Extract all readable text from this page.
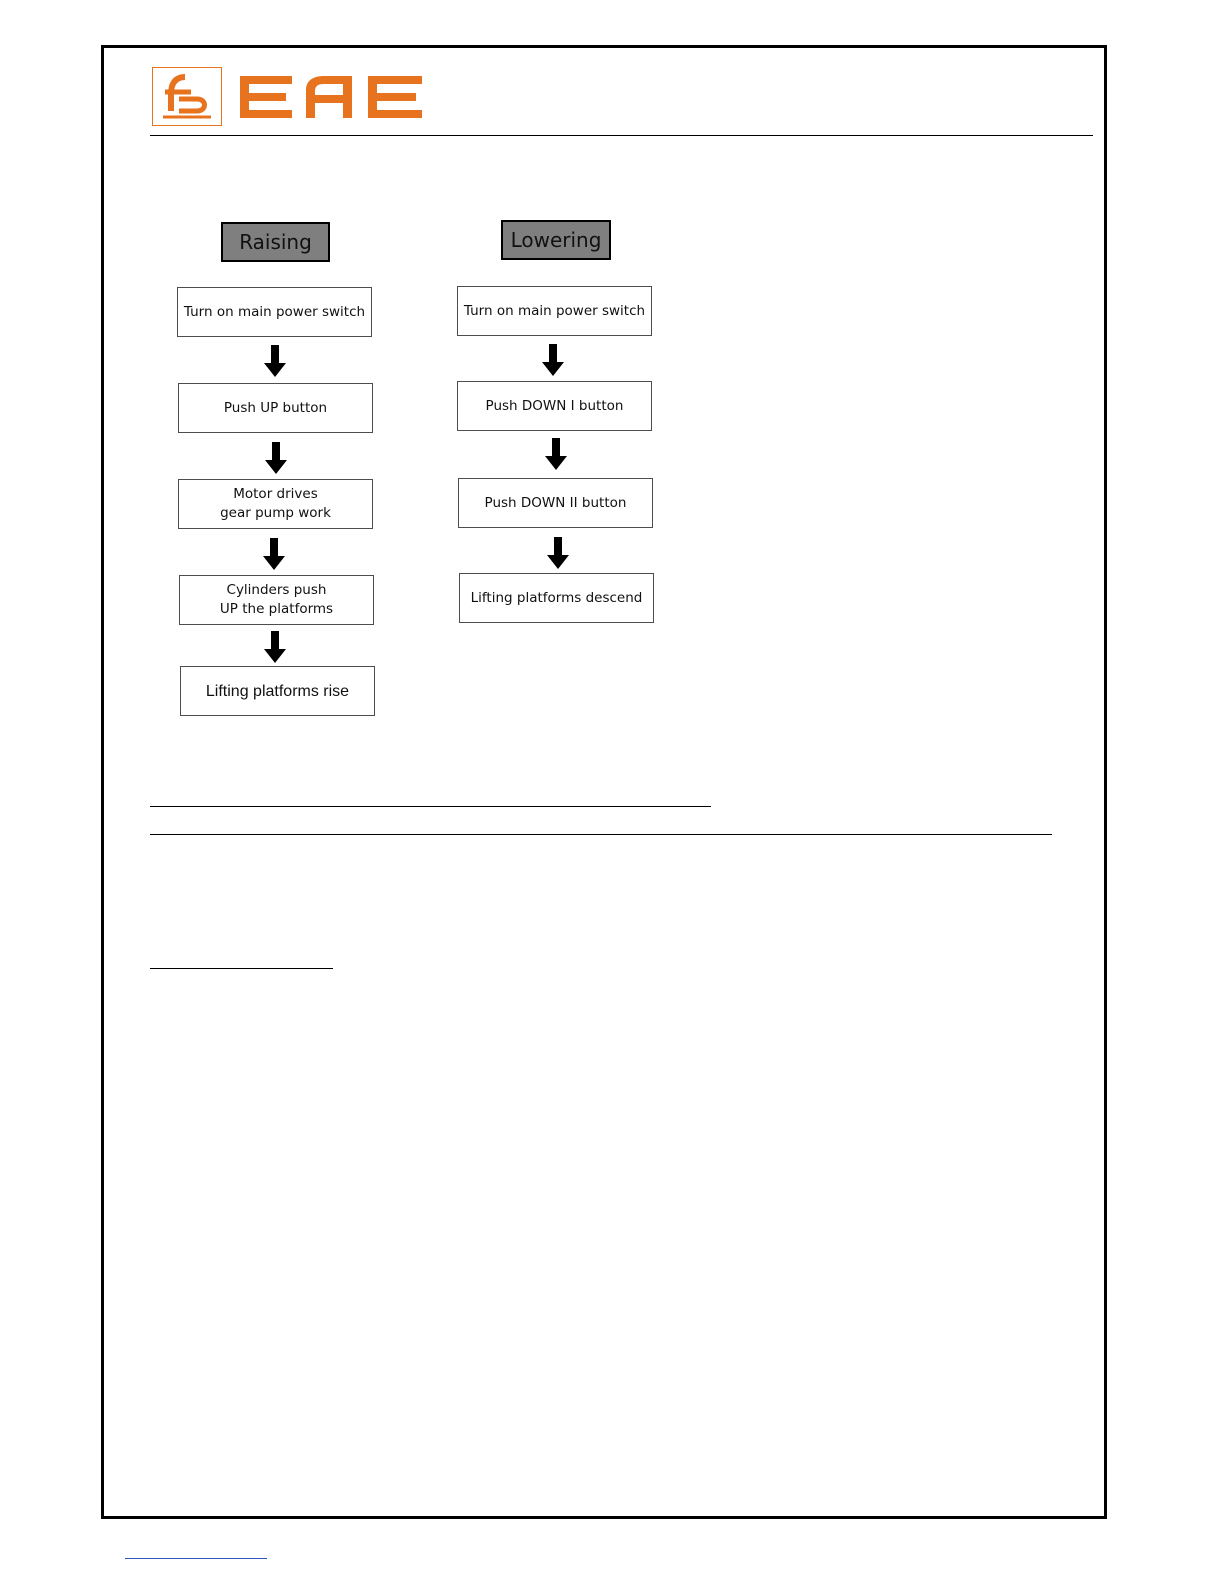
Raising
Turn on main power switch
Push UP button
Motor drives
gear pump work
Cylinders push
UP the platforms
Lifting platforms rise
Lowering
Turn on main power switch
Push DOWN I button
Push DOWN II button
Lifting platforms descend
